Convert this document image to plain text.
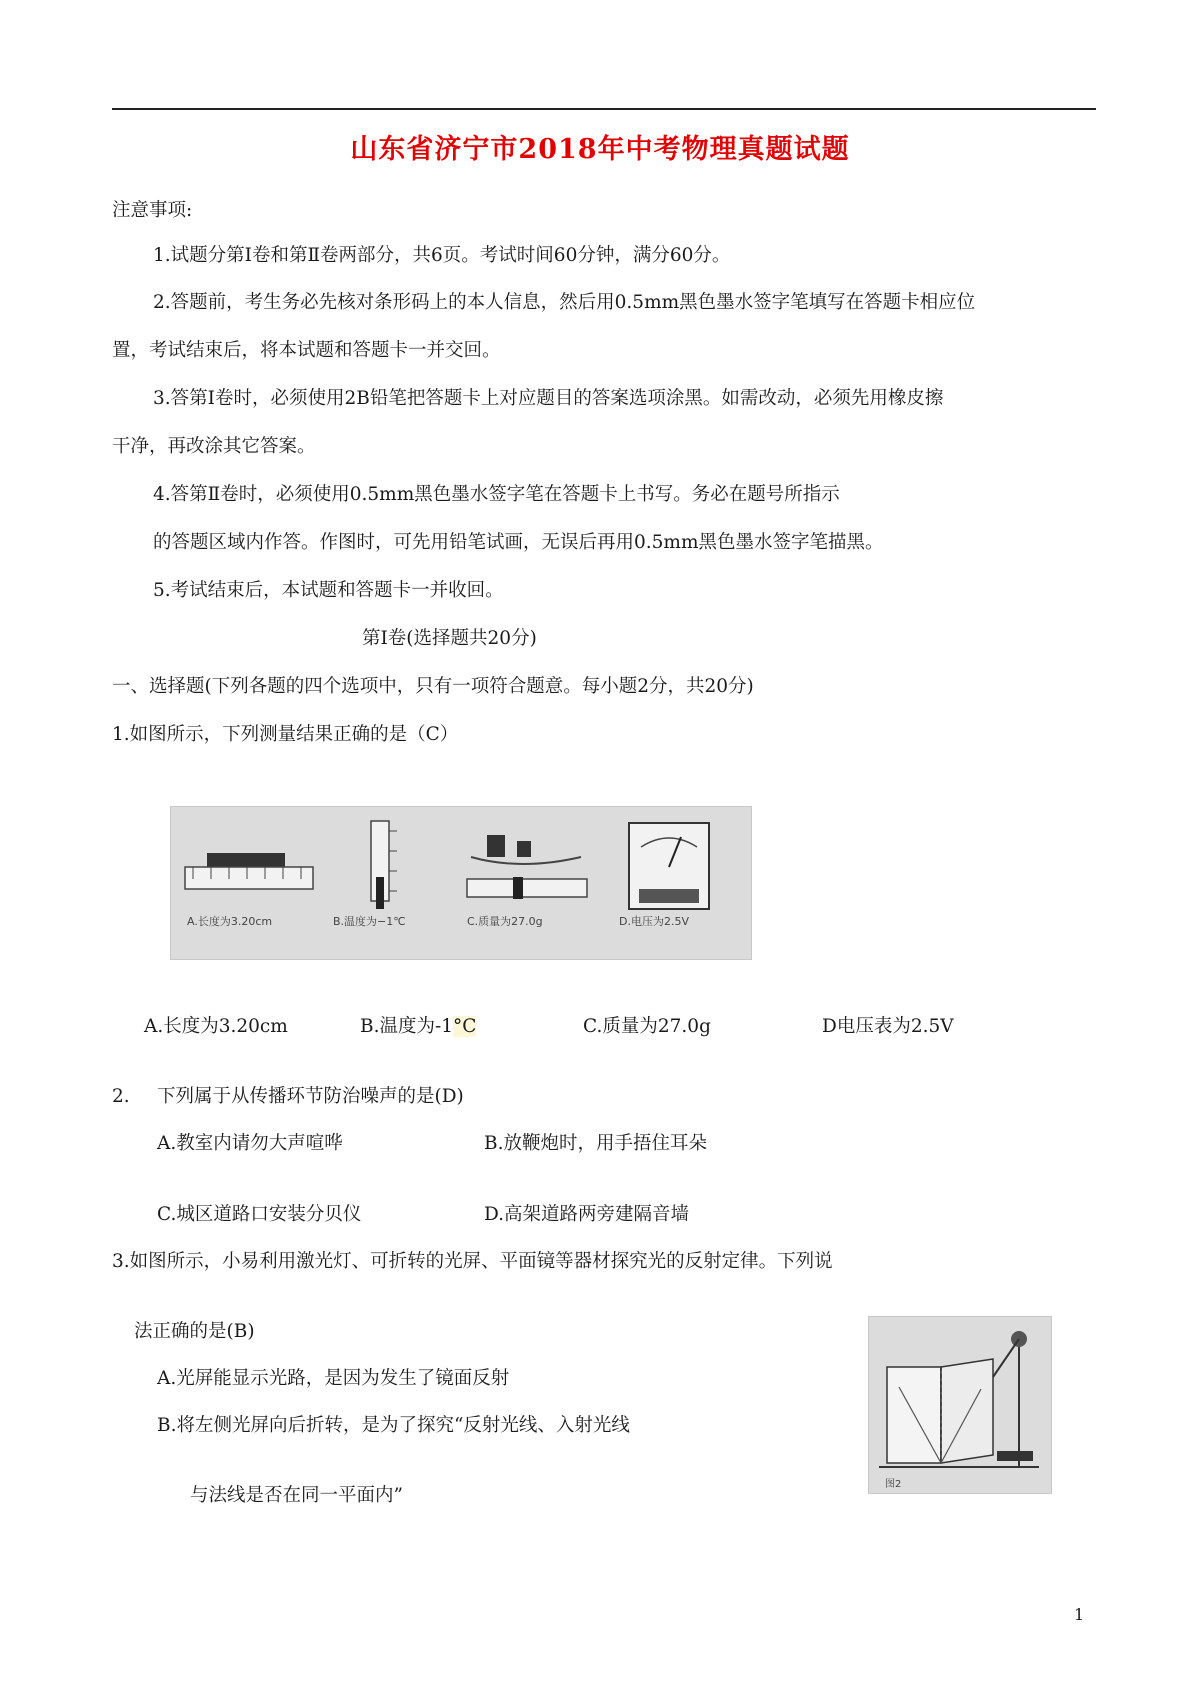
山东省济宁市2018年中考物理真题试题
注意事项:
1.试题分第Ⅰ卷和第Ⅱ卷两部分，共6页。考试时间60分钟，满分60分。
2.答题前，考生务必先核对条形码上的本人信息，然后用0.5mm黑色墨水签字笔填写在答题卡相应位
置，考试结束后，将本试题和答题卡一并交回。
3.答第Ⅰ卷时，必须使用2B铅笔把答题卡上对应题目的答案选项涂黑。如需改动，必须先用橡皮擦
干净，再改涂其它答案。
4.答第Ⅱ卷时，必须使用0.5mm黑色墨水签字笔在答题卡上书写。务必在题号所指示
的答题区域内作答。作图时，可先用铅笔试画，无误后再用0.5mm黑色墨水签字笔描黑。
5.考试结束后，本试题和答题卡一并收回。
第Ⅰ卷(选择题共20分)
一、选择题(下列各题的四个选项中，只有一项符合题意。每小题2分，共20分)
1.如图所示，下列测量结果正确的是（C）
A.长度为3.20cm	B.温度为−1℃	C.质量为27.0g	D.电压为2.5V
A.长度为3.20cm	B.温度为-1°C	C.质量为27.0g	D电压表为2.5V
2. 下列属于从传播环节防治噪声的是(D)
A.教室内请勿大声喧哗	B.放鞭炮时，用手捂住耳朵
C.城区道路口安装分贝仪	D.高架道路两旁建隔音墙
3.如图所示，小易利用激光灯、可折转的光屏、平面镜等器材探究光的反射定律。下列说
法正确的是(B)
A.光屏能显示光路，是因为发生了镜面反射
B.将左侧光屏向后折转，是为了探究“反射光线、入射光线
与法线是否在同一平面内”
图2
1
